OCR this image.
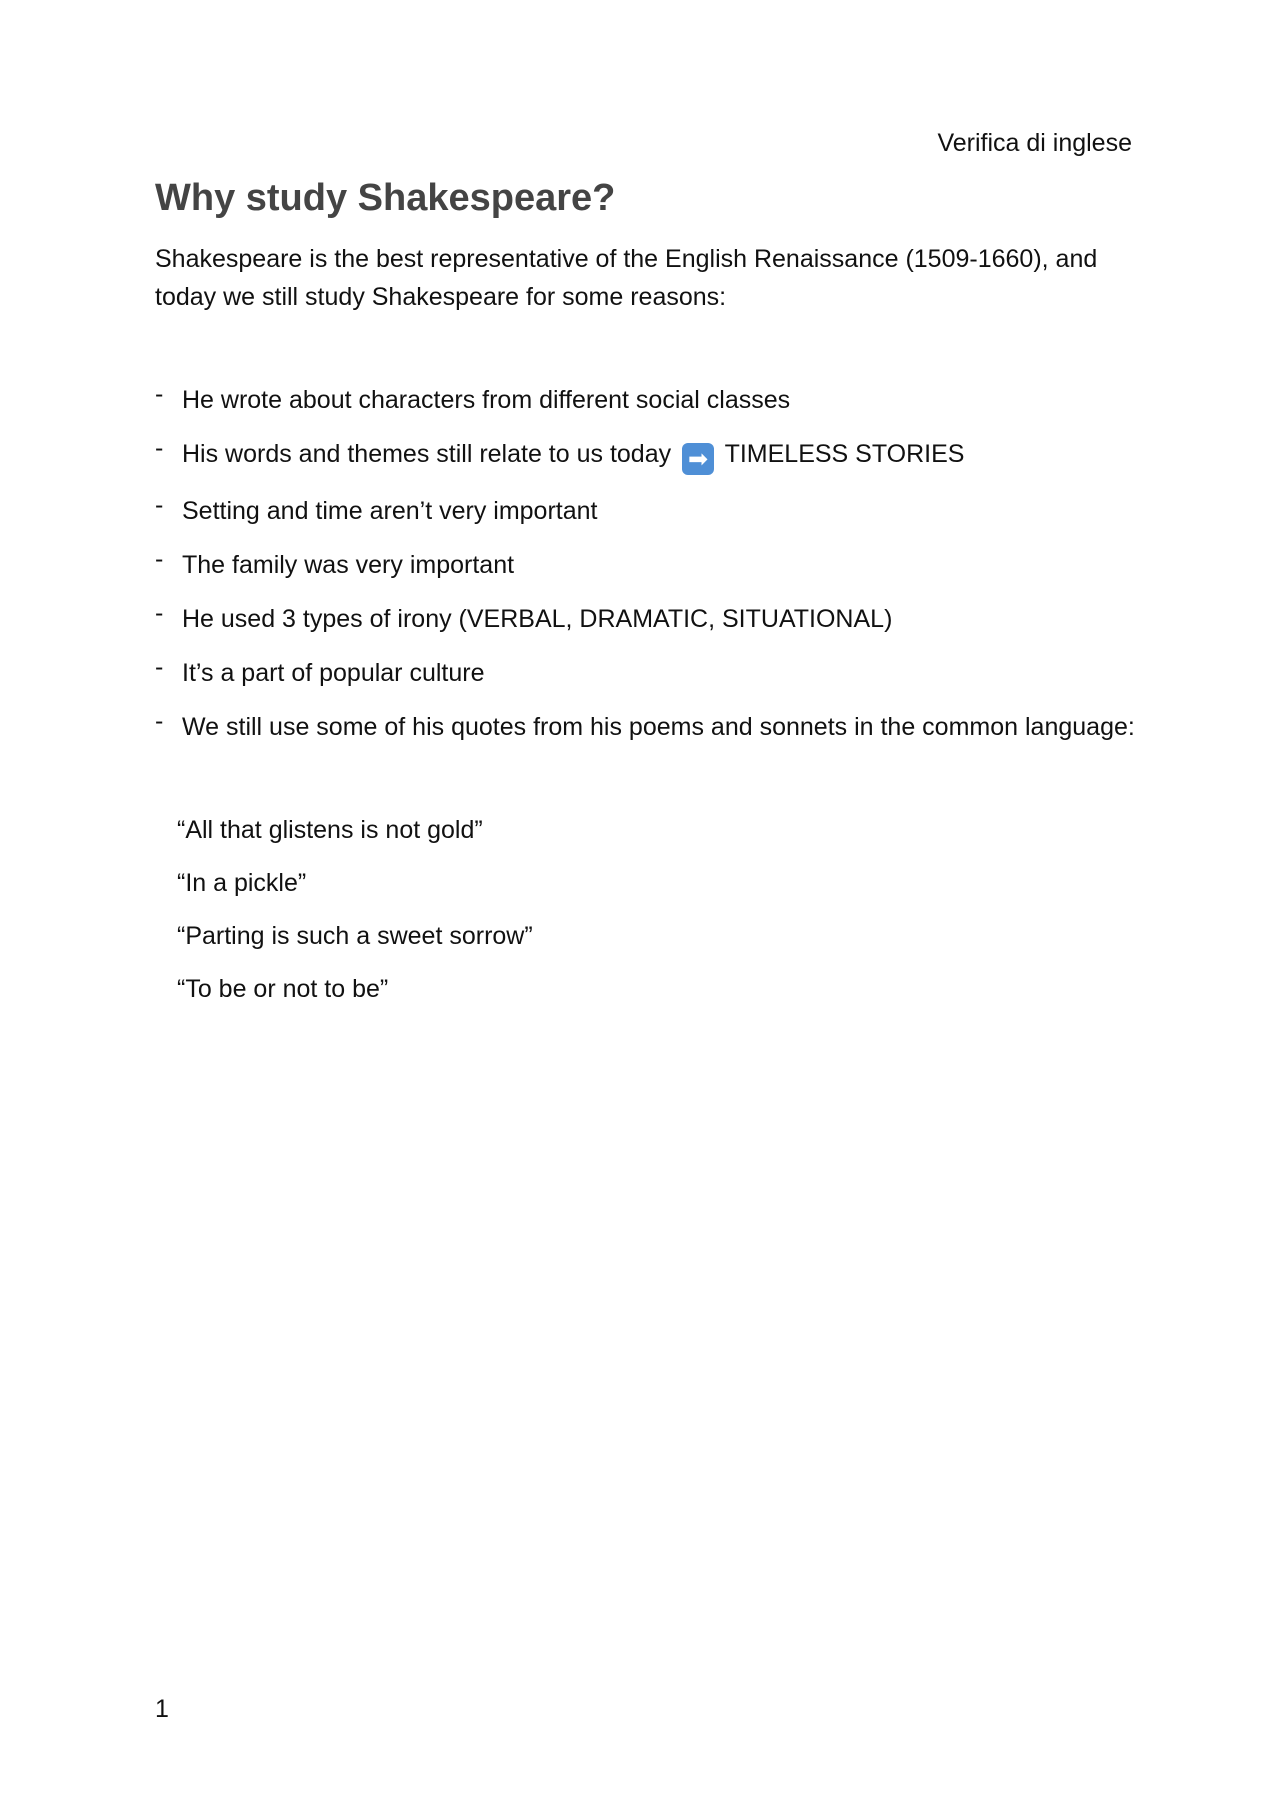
Verifica di inglese
Why study Shakespeare?

Shakespeare is the best representative of the English Renaissance (1509-1660), and today we still study Shakespeare for some reasons:

- He wrote about characters from different social classes
- His words and themes still relate to us today ➡ TIMELESS STORIES
- Setting and time aren’t very important
- The family was very important
- He used 3 types of irony (VERBAL, DRAMATIC, SITUATIONAL)
- It’s a part of popular culture
- We still use some of his quotes from his poems and sonnets in the common language:
“All that glistens is not gold”
“In a pickle”
“Parting is such a sweet sorrow”
“To be or not to be”
1
